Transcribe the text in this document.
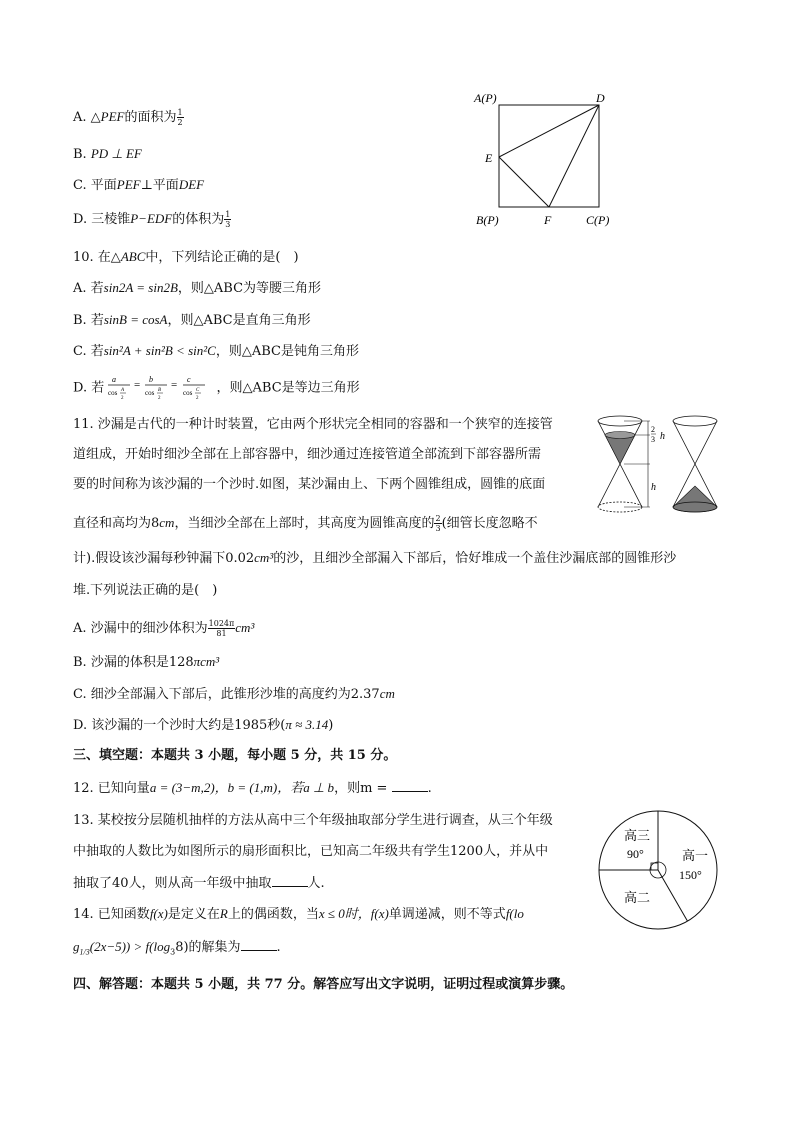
A. △PEF的面积为 $\frac{1}{2}$
B. PD ⊥ EF
C. 平面PEF⊥平面DEF
D. 三棱锥P−EDF的体积为 $\frac{1}{3}$
A(P)	D
E
B(P)	F	C(P)
10. 在△ABC中，下列结论正确的是(　)
A. 若sin2A = sin2B，则△ABC为等腰三角形
B. 若sinB = cosA，则△ABC是直角三角形
C. 若sin²A + sin²B < sin²C，则△ABC是钝角三角形
D. 若
a
cos A
2
= b
cos B
2
= c
cos C
2
，则△ABC是等边三角形
11. 沙漏是古代的一种计时装置，它由两个形状完全相同的容器和一个狭窄的连接管
道组成，开始时细沙全部在上部容器中，细沙通过连接管道全部流到下部容器所需
要的时间称为该沙漏的一个沙时.如图，某沙漏由上、下两个圆锥组成，圆锥的底面
直径和高均为8cm，当细沙全部在上部时，其高度为圆锥高度的 $\frac{2}{3}$ (细管长度忽略不
计).假设该沙漏每秒钟漏下0.02cm³的沙，且细沙全部漏入下部后，恰好堆成一个盖住沙漏底部的圆锥形沙
堆.下列说法正确的是(　)
2
3 h
h
A. 沙漏中的细沙体积为 $\frac{1024\pi}{81} cm^3$
B. 沙漏的体积是128πcm³
C. 细沙全部漏入下部后，此锥形沙堆的高度约为2.37cm
D. 该沙漏的一个沙时大约是1985秒(π ≈ 3.14)
三、填空题：本题共 3 小题，每小题 5 分，共 15 分。
12. 已知向量a = (3−m,2)，b = (1,m)，若a ⊥ b，则m =	.
13. 某校按分层随机抽样的方法从高中三个年级抽取部分学生进行调查，从三个年级
中抽取的人数比为如图所示的扇形面积比，已知高二年级共有学生1200人，并从中
抽取了40人，则从高一年级中抽取	人.
高三
90°	高一
150°
高二
14. 已知函数f(x)是定义在R上的偶函数，当x ≤ 0时，f(x)单调递减，则不等式f(lo
$g_{1/3}(2x-5)) > f(\log_38)$的解集为	.
四、解答题：本题共 5 小题，共 77 分。解答应写出文字说明，证明过程或演算步骤。
